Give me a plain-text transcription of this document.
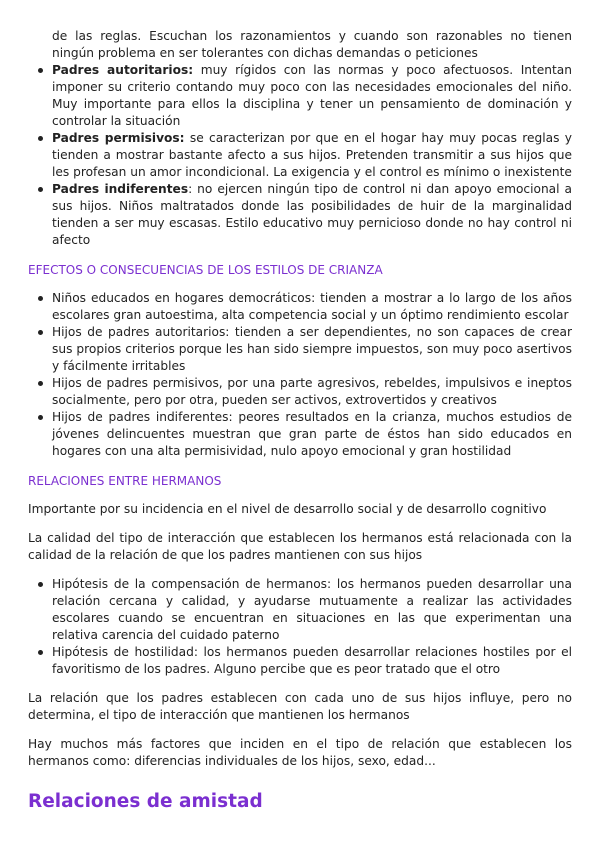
de las reglas. Escuchan los razonamientos y cuando son razonables no tienen ningún problema en ser tolerantes con dichas demandas o peticiones

Padres autoritarios: muy rígidos con las normas y poco afectuosos. Intentan imponer su criterio contando muy poco con las necesidades emocionales del niño. Muy importante para ellos la disciplina y tener un pensamiento de dominación y controlar la situación
Padres permisivos: se caracterizan por que en el hogar hay muy pocas reglas y tienden a mostrar bastante afecto a sus hijos. Pretenden transmitir a sus hijos que les profesan un amor incondicional. La exigencia y el control es mínimo o inexistente
Padres indiferentes: no ejercen ningún tipo de control ni dan apoyo emocional a sus hijos. Niños maltratados donde las posibilidades de huir de la marginalidad tienden a ser muy escasas. Estilo educativo muy pernicioso donde no hay control ni afecto
EFECTOS O CONSECUENCIAS DE LOS ESTILOS DE CRIANZA
Niños educados en hogares democráticos: tienden a mostrar a lo largo de los años escolares gran autoestima, alta competencia social y un óptimo rendimiento escolar
Hijos de padres autoritarios: tienden a ser dependientes, no son capaces de crear sus propios criterios porque les han sido siempre impuestos, son muy poco asertivos y fácilmente irritables
Hijos de padres permisivos, por una parte agresivos, rebeldes, impulsivos e ineptos socialmente, pero por otra, pueden ser activos, extrovertidos y creativos
Hijos de padres indiferentes: peores resultados en la crianza, muchos estudios de jóvenes delincuentes muestran que gran parte de éstos han sido educados en hogares con una alta permisividad, nulo apoyo emocional y gran hostilidad
RELACIONES ENTRE HERMANOS

Importante por su incidencia en el nivel de desarrollo social y de desarrollo cognitivo

La calidad del tipo de interacción que establecen los hermanos está relacionada con la calidad de la relación de que los padres mantienen con sus hijos

Hipótesis de la compensación de hermanos: los hermanos pueden desarrollar una relación cercana y calidad, y ayudarse mutuamente a realizar las actividades escolares cuando se encuentran en situaciones en las que experimentan una relativa carencia del cuidado paterno
Hipótesis de hostilidad: los hermanos pueden desarrollar relaciones hostiles por el favoritismo de los padres. Alguno percibe que es peor tratado que el otro

La relación que los padres establecen con cada uno de sus hijos influye, pero no determina, el tipo de interacción que mantienen los hermanos

Hay muchos más factores que inciden en el tipo de relación que establecen los hermanos como: diferencias individuales de los hijos, sexo, edad...

Relaciones de amistad
